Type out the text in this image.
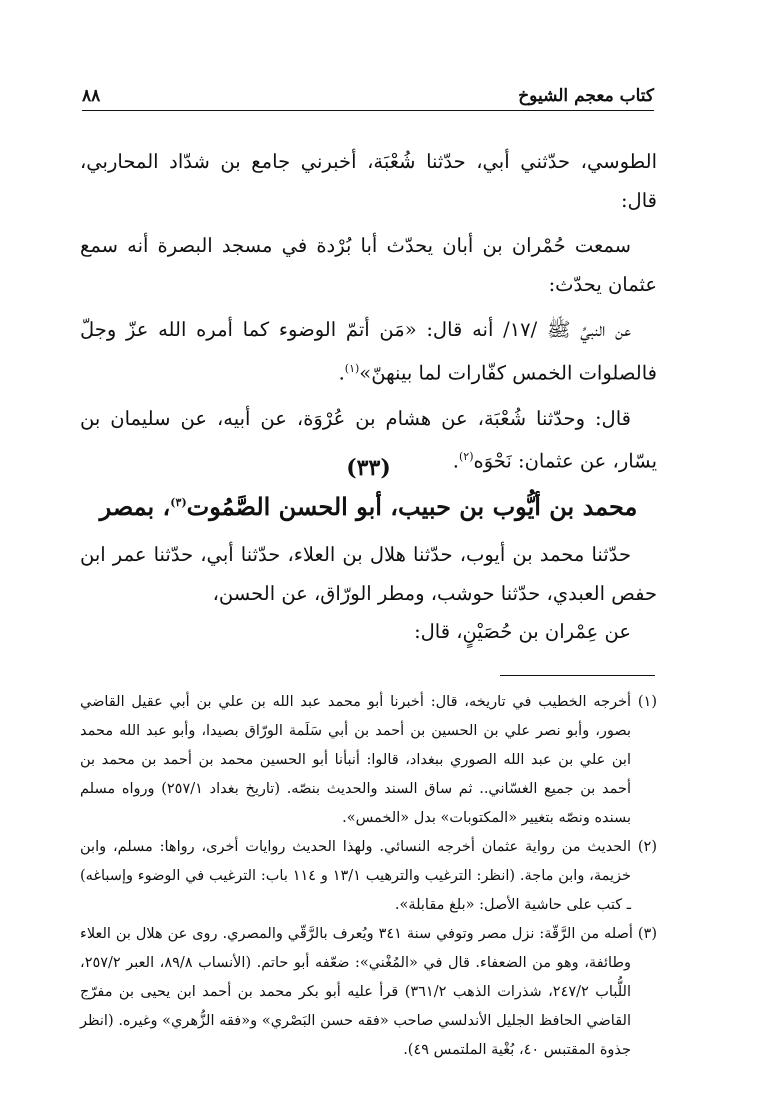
كتاب معجم الشيوخ
٨٨

الطوسي، حدّثني أبي، حدّثنا شُعْبَة، أخبرني جامع بن شدّاد المحاربي، قال:

سمعت حُمْران بن أبان يحدّث أبا بُرْدة في مسجد البصرة أنه سمع عثمان يحدّث:

عن النبيِّ ﷺ /١٧/ أنه قال: «مَن أتمّ الوضوء كما أمره الله عزّ وجلّ فالصلوات الخمس كفّارات لما بينهنّ»$^{(١)}$.

قال: وحدّثنا شُعْبَة، عن هشام بن عُرْوَة، عن أبيه، عن سليمان بن يسّار، عن عثمان: نَحْوَه$^{(٢)}$.

(٣٣)
محمد بن أيُّوب بن حبيب، أبو الحسن الصَّمُوت$^{(٣)}$، بمصر

حدّثنا محمد بن أيوب، حدّثنا هلال بن العلاء، حدّثنا أبي، حدّثنا عمر ابن حفص العبدي، حدّثنا حوشب، ومطر الورّاق، عن الحسن،

عن عِمْران بن حُصَيْنٍ، قال:

(١) أخرجه الخطيب في تاريخه، قال: أخبرنا أبو محمد عبد الله بن علي بن أبي عقيل القاضي بصور، وأبو نصر علي بن الحسين بن أحمد بن أبي سَلَمة الورّاق بصيدا، وأبو عبد الله محمد ابن علي بن عبد الله الصوري ببغداد، قالوا: أنبأنا أبو الحسين محمد بن أحمد بن محمد بن أحمد بن جميع الغسّاني.. ثم ساق السند والحديث بنصّه. (تاريخ بغداد ٢٥٧/١) ورواه مسلم بسنده ونصّه بتغيير «المكتوبات» بدل «الخمس».

(٢) الحديث من رواية عثمان أخرجه النسائي. ولهذا الحديث روايات أخرى، رواها: مسلم، وابن خزيمة، وابن ماجة. (انظر: الترغيب والترهيب ١٣/١ و ١١٤ باب: الترغيب في الوضوء وإسباغه) ـ كتب على حاشية الأصل: «بلغ مقابلة».

(٣) أصله من الرَّقّة: نزل مصر وتوفي سنة ٣٤١ ويُعرف بالرَّقّي والمصري. روى عن هلال بن العلاء وطائفة، وهو من الضعفاء. قال في «المُغْني»: ضعّفه أبو حاتم. (الأنساب ٨٩/٨، العبر ٢٥٧/٢، اللُّباب ٢٤٧/٢، شذرات الذهب ٣٦١/٢) قرأ عليه أبو بكر محمد بن أحمد ابن يحيى بن مفرّج القاضي الحافظ الجليل الأندلسي صاحب «فقه حسن البَصْري» و«فقه الزُّهري» وغيره. (انظر جذوة المقتبس ٤٠، بُغْية الملتمس ٤٩).
